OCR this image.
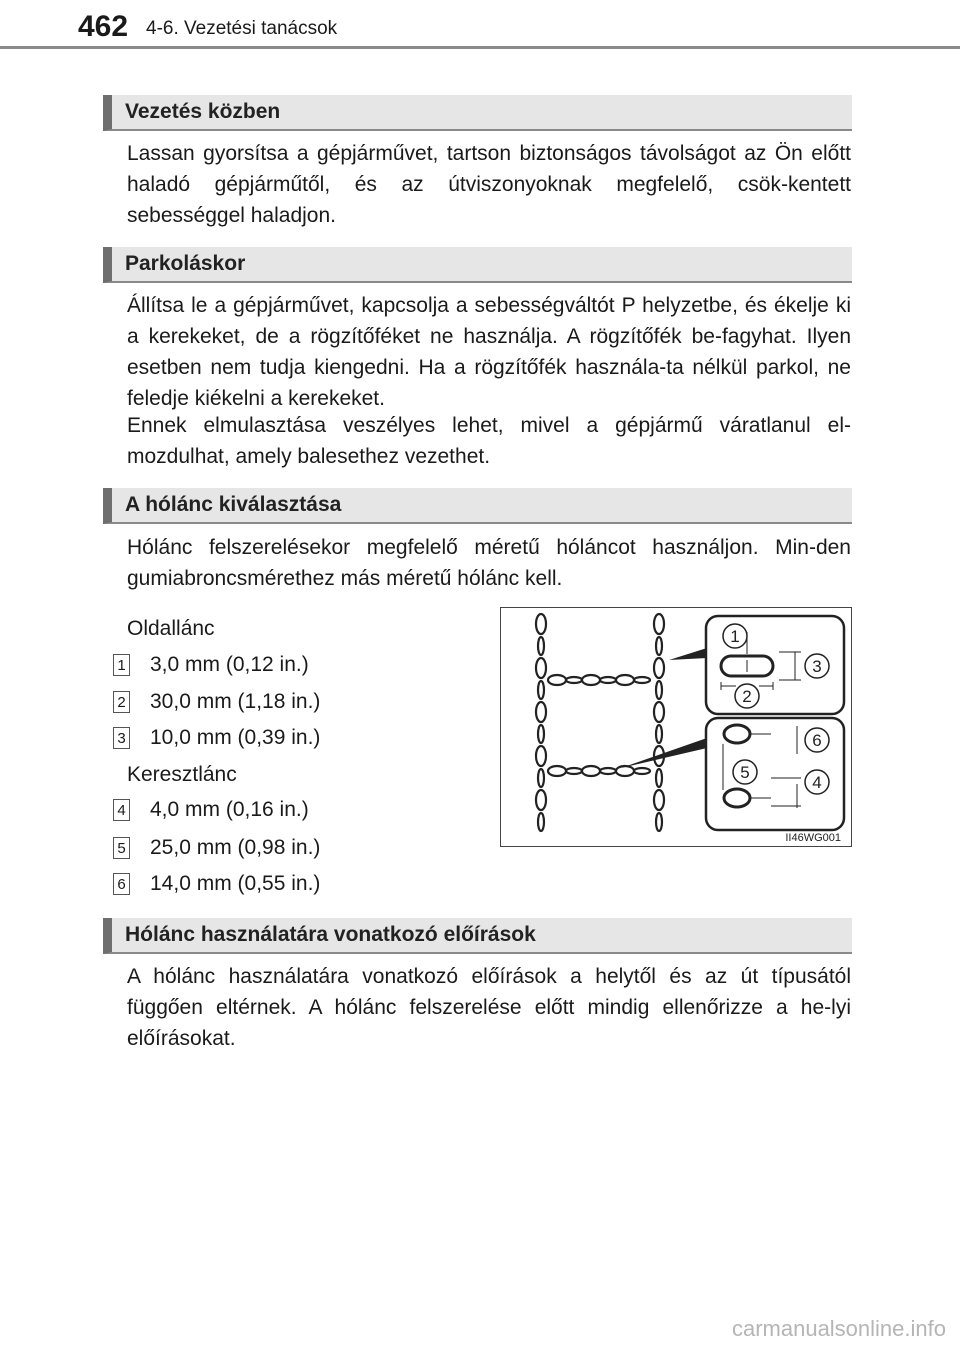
462 4-6. Vezetési tanácsok
Vezetés közben

Lassan gyorsítsa a gépjárművet, tartson biztonságos távolságot az Ön előtt haladó gépjárműtől, és az útviszonyoknak megfelelő, csök-kentett sebességgel haladjon.

Parkoláskor

Állítsa le a gépjárművet, kapcsolja a sebességváltót P helyzetbe, és ékelje ki a kerekeket, de a rögzítőféket ne használja. A rögzítőfék be-fagyhat. Ilyen esetben nem tudja kiengedni. Ha a rögzítőfék használa-ta nélkül parkol, ne feledje kiékelni a kerekeket.

Ennek elmulasztása veszélyes lehet, mivel a gépjármű váratlanul el-mozdulhat, amely balesethez vezethet.

A hólánc kiválasztása

Hólánc felszerelésekor megfelelő méretű hóláncot használjon. Min-den gumiabroncsmérethez más méretű hólánc kell.

Oldallánc
1 3,0 mm (0,12 in.)
2 30,0 mm (1,18 in.)
3 10,0 mm (0,39 in.)
Keresztlánc
4 4,0 mm (0,16 in.)
5 25,0 mm (0,98 in.)
6 14,0 mm (0,55 in.)
1
2
3
4
5
6
II46WG001
Hólánc használatára vonatkozó előírások

A hólánc használatára vonatkozó előírások a helytől és az út típusától függően eltérnek. A hólánc felszerelése előtt mindig ellenőrizze a he-lyi előírásokat.

carmanualsonline.info
